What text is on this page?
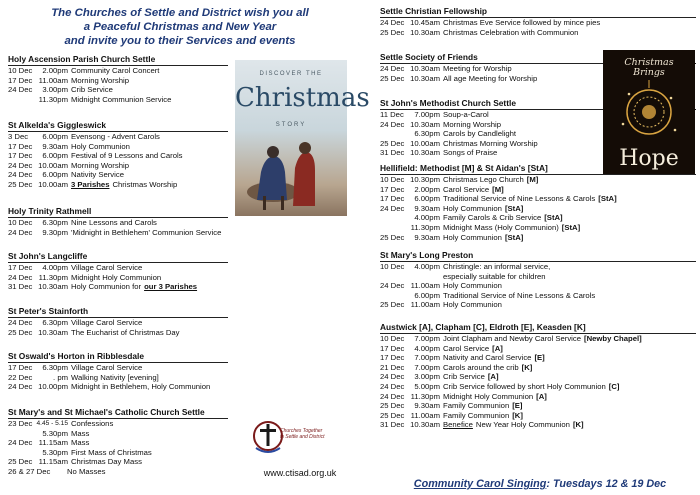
The Churches of Settle and District wish you all
a Peaceful Christmas and New Year
and invite you to their Services and events
Holy Ascension Parish Church Settle
10 Dec	2.00pm Community Carol Concert
17 Dec 11.00am Morning Worship
24 Dec	3.00pm Crib Service
11.30pm Midnight Communion Service
St Alkelda's Giggleswick
3 Dec	6.00pm Evensong - Advent Carols
17 Dec	9.30am Holy Communion
17 Dec	6.00pm Festival of 9 Lessons and Carols
24 Dec 10.00am Morning Worship
24 Dec	6.00pm Nativity Service
25 Dec 10.00am 3 Parishes Christmas Worship
Holy Trinity Rathmell
10 Dec	6.30pm Nine Lessons and Carols
24 Dec	9.30pm 'Midnight in Bethlehem' Communion Service
St John's Langcliffe
17 Dec	4.00pm Village Carol Service
24 Dec 11.30pm Midnight Holy Communion
31 Dec 10.30am Holy Communion for our 3 Parishes
St Peter's Stainforth
24 Dec	6.30pm Village Carol Service
25 Dec 10.30am The Eucharist of Christmas Day
St Oswald's Horton in Ribblesdale
17 Dec	6.30pm Village Carol Service
22 Dec	. pm Walking Nativity [evening]
24 Dec 10.00pm Midnight in Bethlehem, Holy Communion
St Mary's and St Michael's Catholic Church Settle
23 Dec 4.45 - 5.15 Confessions
5.30pm Mass
24 Dec 11.15am Mass
5.30pm First Mass of Christmas
25 Dec 11.15am Christmas Day Mass
26 & 27 Dec No Masses
Settle Christian Fellowship
24 Dec 10.45am Christmas Eve Service followed by mince pies
25 Dec 10.30am Christmas Celebration with Communion
Settle Society of Friends
24 Dec 10.30am Meeting for Worship
25 Dec 10.30am All age Meeting for Worship
St John's Methodist Church Settle
11 Dec	7.00pm Soup-a-Carol
24 Dec 10.30am Morning Worship
6.30pm Carols by Candlelight
25 Dec 10.00am Christmas Morning Worship
31 Dec 10.30am Songs of Praise
Hellifield: Methodist [M] & St Aidan's [StA]
10 Dec 10.30pm Christmas Lego Church [M]
17 Dec	2.00pm Carol Service [M]
17 Dec	6.00pm Traditional Service of Nine Lessons & Carols [StA]
24 Dec	9.30am Holy Communion [StA]
4.00pm Family Carols & Crib Service [StA]
11.30pm Midnight Mass (Holy Communion) [StA]
25 Dec	9.30am Holy Communion [StA]
St Mary's Long Preston
10 Dec	4.00pm Christingle: an informal service,
especially suitable for children
24 Dec 11.00am Holy Communion
6.00pm Traditional Service of Nine Lessons & Carols
25 Dec 11.00am Holy Communion
Austwick [A], Clapham [C], Eldroth [E], Keasden [K]
10 Dec	7.00pm Joint Clapham and Newby Carol Service [Newby Chapel]
17 Dec	4.00pm Carol Service [A]
17 Dec	7.00pm Nativity and Carol Service [E]
21 Dec	7.00pm Carols around the crib [K]
24 Dec	3.00pm Crib Service [A]
24 Dec	5.00pm Crib Service followed by short Holy Communion [C]
24 Dec 11.30pm Midnight Holy Communion [A]
25 Dec	9.30am Family Communion [E]
25 Dec 11.00am Family Communion [K]
31 Dec 10.30am Benefice New Year Holy Communion [K]
DISCOVER THE
Christmas
STORY
Christmas
Brings
Hope
Churches Together
in Settle and District
www.ctisad.org.uk
Community Carol Singing: Tuesdays 12 & 19 Dec
